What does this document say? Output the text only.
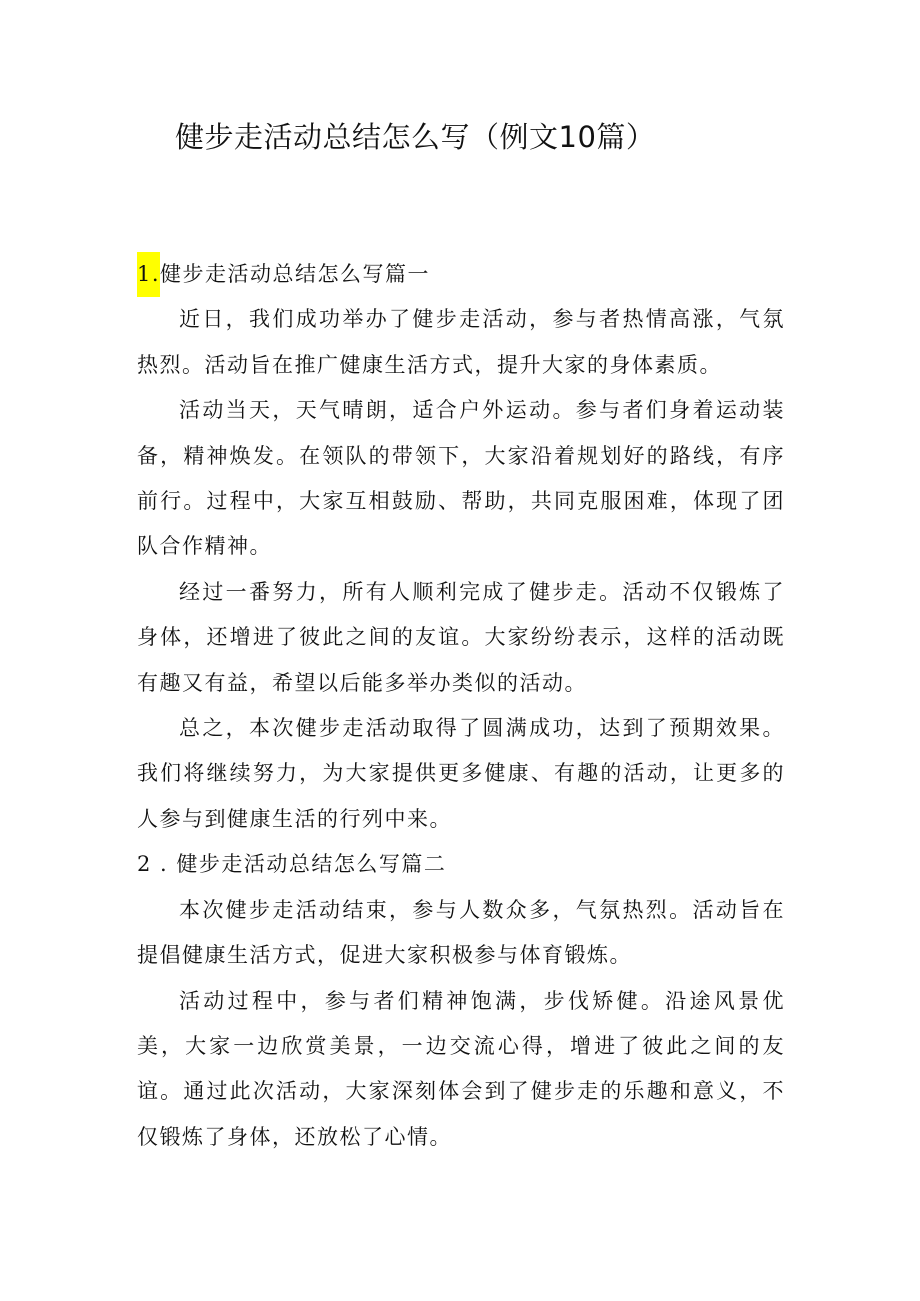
健步走活动总结怎么写（例文10篇）

1.健步走活动总结怎么写篇一

近日，我们成功举办了健步走活动，参与者热情高涨，气氛热烈。活动旨在推广健康生活方式，提升大家的身体素质。

活动当天，天气晴朗，适合户外运动。参与者们身着运动装备，精神焕发。在领队的带领下，大家沿着规划好的路线，有序前行。过程中，大家互相鼓励、帮助，共同克服困难，体现了团队合作精神。

经过一番努力，所有人顺利完成了健步走。活动不仅锻炼了身体，还增进了彼此之间的友谊。大家纷纷表示，这样的活动既有趣又有益，希望以后能多举办类似的活动。

总之，本次健步走活动取得了圆满成功，达到了预期效果。我们将继续努力，为大家提供更多健康、有趣的活动，让更多的人参与到健康生活的行列中来。

2 . 健步走活动总结怎么写篇二

本次健步走活动结束，参与人数众多，气氛热烈。活动旨在提倡健康生活方式，促进大家积极参与体育锻炼。

活动过程中，参与者们精神饱满，步伐矫健。沿途风景优美，大家一边欣赏美景，一边交流心得，增进了彼此之间的友谊。通过此次活动，大家深刻体会到了健步走的乐趣和意义，不仅锻炼了身体，还放松了心情。
